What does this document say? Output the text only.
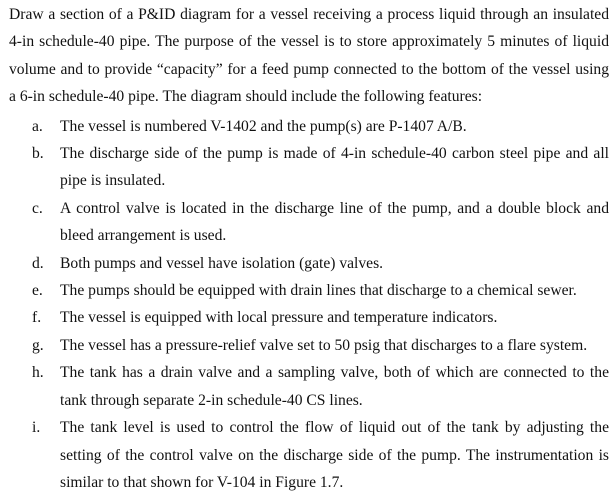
Draw a section of a P&ID diagram for a vessel receiving a process liquid through an insulated
4-in schedule-40 pipe. The purpose of the vessel is to store approximately 5 minutes of liquid
volume and to provide “capacity” for a feed pump connected to the bottom of the vessel using
a 6-in schedule-40 pipe. The diagram should include the following features:

a.	The vessel is numbered V-1402 and the pump(s) are P-1407 A/B.
b.	The discharge side of the pump is made of 4-in schedule-40 carbon steel pipe and all
pipe is insulated.
c.	A control valve is located in the discharge line of the pump, and a double block and
bleed arrangement is used.
d.	Both pumps and vessel have isolation (gate) valves.
e.	The pumps should be equipped with drain lines that discharge to a chemical sewer.
f.	The vessel is equipped with local pressure and temperature indicators.
g.	The vessel has a pressure-relief valve set to 50 psig that discharges to a flare system.
h.	The tank has a drain valve and a sampling valve, both of which are connected to the
tank through separate 2-in schedule-40 CS lines.
i.	The tank level is used to control the flow of liquid out of the tank by adjusting the
setting of the control valve on the discharge side of the pump. The instrumentation is
similar to that shown for V-104 in Figure 1.7.
